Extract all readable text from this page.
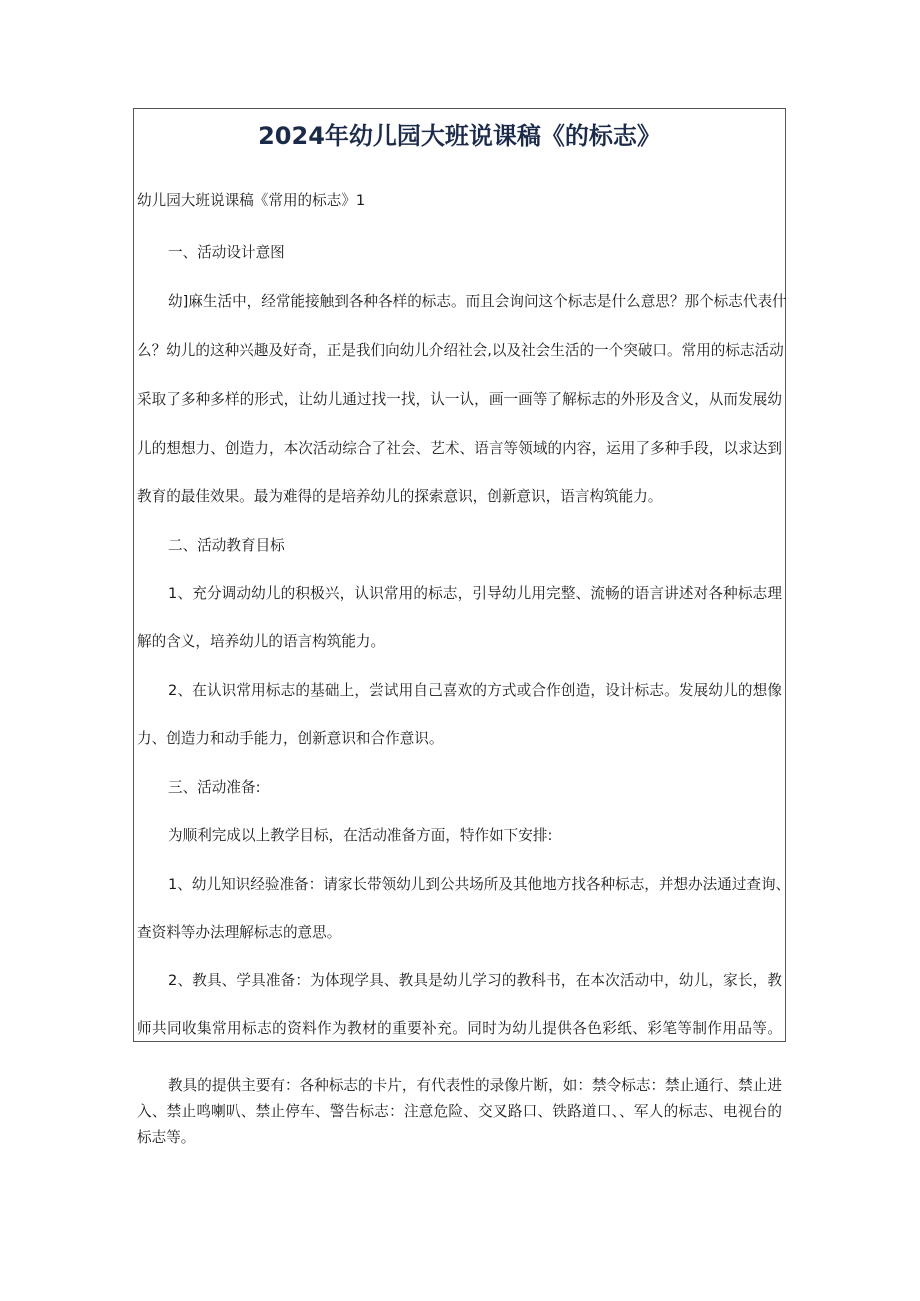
2024年幼儿园大班说课稿《的标志》

幼儿园大班说课稿《常用的标志》1

一、活动设计意图

幼]麻生活中，经常能接触到各种各样的标志。而且会询问这个标志是什么意思？那个标志代表什

么？幼儿的这种兴趣及好奇，正是我们向幼儿介绍社会,以及社会生活的一个突破口。常用的标志活动

采取了多种多样的形式，让幼儿通过找一找，认一认，画一画等了解标志的外形及含义，从而发展幼

儿的想想力、创造力，本次活动综合了社会、艺术、语言等领域的内容，运用了多种手段，以求达到

教育的最佳效果。最为难得的是培养幼儿的探索意识，创新意识，语言构筑能力。

二、活动教育目标

1、充分调动幼儿的积极兴，认识常用的标志，引导幼儿用完整、流畅的语言讲述对各种标志理

解的含义，培养幼儿的语言构筑能力。

2、在认识常用标志的基础上，尝试用自己喜欢的方式或合作创造，设计标志。发展幼儿的想像

力、创造力和动手能力，创新意识和合作意识。

三、活动准备:

为顺利完成以上教学目标，在活动准备方面，特作如下安排:

1、幼儿知识经验准备：请家长带领幼儿到公共场所及其他地方找各种标志，并想办法通过查询、

查资料等办法理解标志的意思。

2、教具、学具准备：为体现学具、教具是幼儿学习的教科书，在本次活动中，幼儿，家长，教

师共同收集常用标志的资料作为教材的重要补充。同时为幼儿提供各色彩纸、彩笔等制作用品等。

教具的提供主要有：各种标志的卡片，有代表性的录像片断，如：禁令标志：禁止通行、禁止进

入、禁止鸣喇叭、禁止停车、警告标志：注意危险、交叉路口、铁路道口、、军人的标志、电视台的

标志等。
